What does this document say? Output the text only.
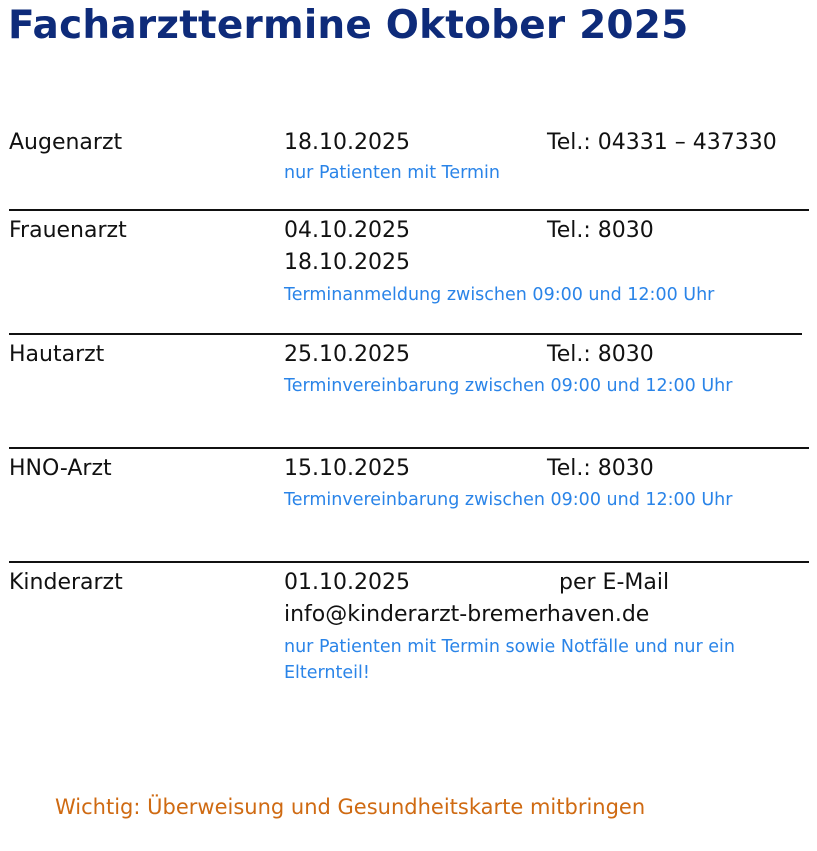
Facharzttermine Oktober 2025
Augenarzt	18.10.2025	Tel.: 04331 – 437330
nur Patienten mit Termin
Frauenarzt	04.10.2025	Tel.: 8030
18.10.2025
Terminanmeldung zwischen 09:00 und 12:00 Uhr
Hautarzt	25.10.2025	Tel.: 8030
Terminvereinbarung zwischen 09:00 und 12:00 Uhr
HNO-Arzt	15.10.2025	Tel.: 8030
Terminvereinbarung zwischen 09:00 und 12:00 Uhr
Kinderarzt	01.10.2025	per E-Mail
info@kinderarzt-bremerhaven.de
nur Patienten mit Termin sowie Notfälle und nur ein Elternteil!
Wichtig: Überweisung und Gesundheitskarte mitbringen
